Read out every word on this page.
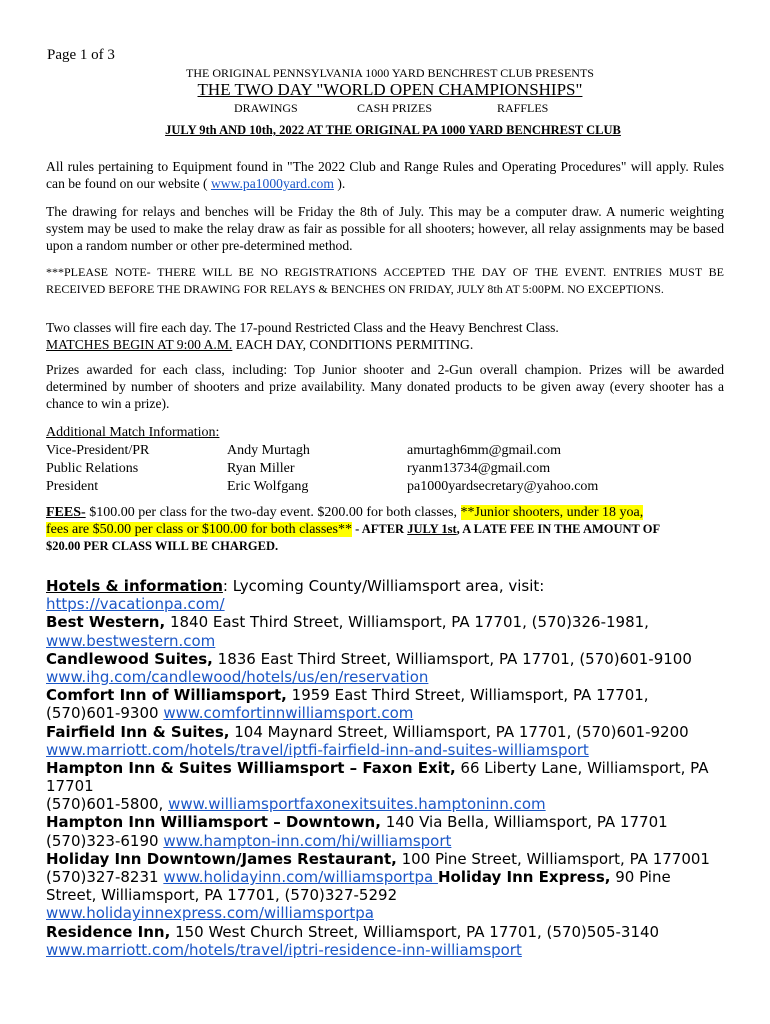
Page 1 of 3
THE ORIGINAL PENNSYLVANIA 1000 YARD BENCHREST CLUB PRESENTS
THE TWO DAY "WORLD OPEN CHAMPIONSHIPS"
DRAWINGS	CASH PRIZES	RAFFLES
JULY 9th AND 10th, 2022 AT THE ORIGINAL PA 1000 YARD BENCHREST CLUB
All rules pertaining to Equipment found in "The 2022 Club and Range Rules and Operating Procedures" will apply. Rules can be found on our website ( www.pa1000yard.com ).
The drawing for relays and benches will be Friday the 8th of July. This may be a computer draw. A numeric weighting system may be used to make the relay draw as fair as possible for all shooters; however, all relay assignments may be based upon a random number or other pre-determined method.
***PLEASE NOTE- THERE WILL BE NO REGISTRATIONS ACCEPTED THE DAY OF THE EVENT. ENTRIES MUST BE RECEIVED BEFORE THE DRAWING FOR RELAYS & BENCHES ON FRIDAY, JULY 8th AT 5:00PM. NO EXCEPTIONS.
Two classes will fire each day. The 17-pound Restricted Class and the Heavy Benchrest Class.
MATCHES BEGIN AT 9:00 A.M. EACH DAY, CONDITIONS PERMITING.
Prizes awarded for each class, including: Top Junior shooter and 2-Gun overall champion. Prizes will be awarded determined by number of shooters and prize availability. Many donated products to be given away (every shooter has a chance to win a prize).
Additional Match Information:
Vice-President/PR	Andy Murtagh	amurtagh6mm@gmail.com
Public Relations	Ryan Miller	ryanm13734@gmail.com
President	Eric Wolfgang	pa1000yardsecretary@yahoo.com
FEES- $100.00 per class for the two-day event. $200.00 for both classes, **Junior shooters, under 18 yoa,
fees are $50.00 per class or $100.00 for both classes** - AFTER JULY 1st, A LATE FEE IN THE AMOUNT OF
$20.00 PER CLASS WILL BE CHARGED.
Hotels & information: Lycoming County/Williamsport area, visit:
https://vacationpa.com/
Best Western, 1840 East Third Street, Williamsport, PA 17701, (570)326-1981,
www.bestwestern.com
Candlewood Suites, 1836 East Third Street, Williamsport, PA 17701, (570)601-9100
www.ihg.com/candlewood/hotels/us/en/reservation
Comfort Inn of Williamsport, 1959 East Third Street, Williamsport, PA 17701,
(570)601-9300 www.comfortinnwilliamsport.com
Fairfield Inn & Suites, 104 Maynard Street, Williamsport, PA 17701, (570)601-9200
www.marriott.com/hotels/travel/iptfi-fairfield-inn-and-suites-williamsport
Hampton Inn & Suites Williamsport – Faxon Exit, 66 Liberty Lane, Williamsport, PA
17701
(570)601-5800, www.williamsportfaxonexitsuites.hamptoninn.com
Hampton Inn Williamsport – Downtown, 140 Via Bella, Williamsport, PA 17701
(570)323-6190 www.hampton-inn.com/hi/williamsport
Holiday Inn Downtown/James Restaurant, 100 Pine Street, Williamsport, PA 177001
(570)327-8231 www.holidayinn.com/williamsportpa Holiday Inn Express, 90 Pine
Street, Williamsport, PA 17701, (570)327-5292
www.holidayinnexpress.com/williamsportpa
Residence Inn, 150 West Church Street, Williamsport, PA 17701, (570)505-3140
www.marriott.com/hotels/travel/iptri-residence-inn-williamsport
